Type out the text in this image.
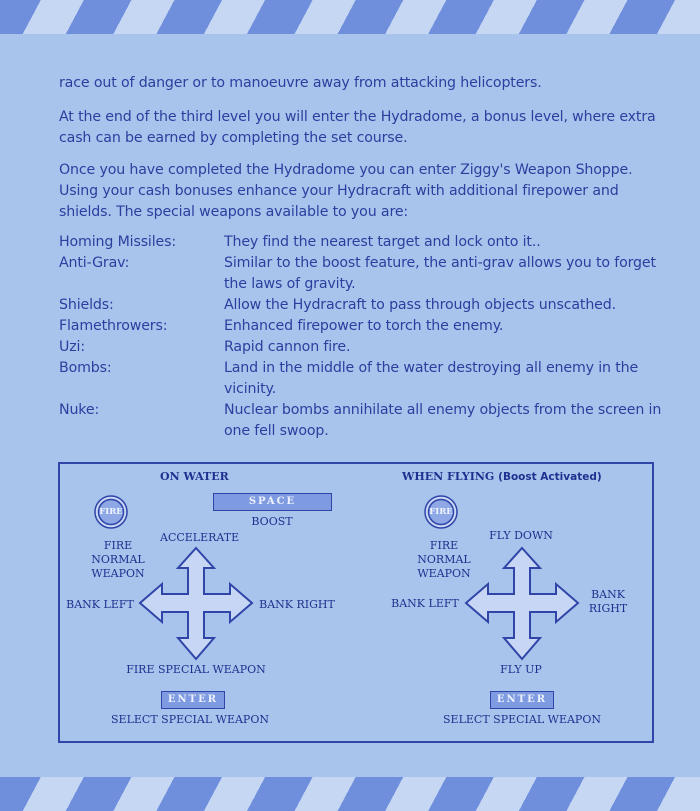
race out of danger or to manoeuvre away from attacking helicopters.

At the end of the third level you will enter the Hydradome, a bonus level, where extra cash can be earned by completing the set course.

Once you have completed the Hydradome you can enter Ziggy's Weapon Shoppe. Using your cash bonuses enhance your Hydracraft with additional firepower and shields. The special weapons available to you are:

Homing Missiles:	They find the nearest target and lock onto it..
Anti-Grav:	Similar to the boost feature, the anti-grav allows you to forget the laws of gravity.
Shields:	Allow the Hydracraft to pass through objects unscathed.
Flamethrowers:	Enhanced firepower to torch the enemy.
Uzi:	Rapid cannon fire.
Bombs:	Land in the middle of the water destroying all enemy in the vicinity.
Nuke:	Nuclear bombs annihilate all enemy objects from the screen in one fell swoop.
ON WATER
FIRE
FIRE
NORMAL
WEAPON
SPACE
BOOST
ACCELERATE
BANK LEFT	BANK RIGHT
FIRE SPECIAL WEAPON
ENTER
SELECT SPECIAL WEAPON
WHEN FLYING (Boost Activated)
FIRE
FIRE
NORMAL
WEAPON
FLY DOWN
BANK LEFT
BANK
RIGHT
FLY UP
ENTER
SELECT SPECIAL WEAPON
